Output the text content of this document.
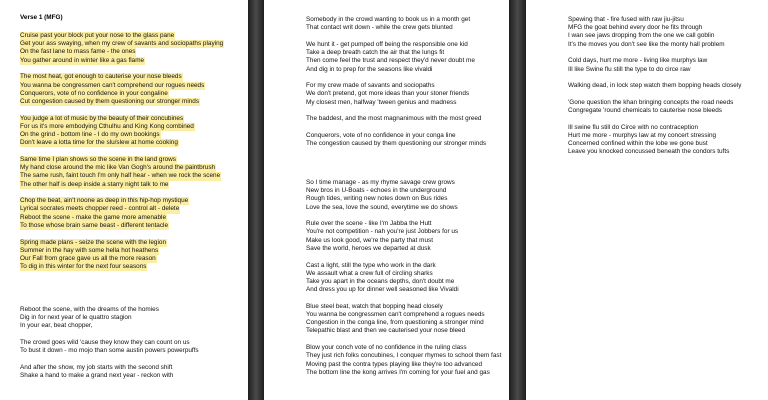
Verse 1 (MFG)
Cruise past your block put your nose to the glass pane
Get your ass swaying, when my crew of savants and sociopaths playing
On the fast lane to mass fame - the ones
You gather around in winter like a gas flame
The most heat, got enough to cauterise your nose bleeds
You wanna be congressmen can't comprehend our rogues needs
Conquerors, vote of no confidence in your congaline
Cut congestion caused by them questioning our stronger minds
You judge a lot of music by the beauty of their concubines
For us it's more embodying Cthulhu and King Kong combined
On the grind - bottom line - I do my own bookings
Don't leave a lotta time for the slu/slew at home cooking
Same time I plan shows so the scene in the land grows
My hand close around the mic like Van Gogh's around the paintbrush
The same rush, faint touch I'm only half hear - when we rock the scene
The other half is deep inside a starry night talk to me
Chop the beat, ain't noone as deep in this hip-hop mystique
Lyrical socrates meets chopper reed - control alt - delete
Reboot the scene - make the game more amenable
To those whose brain same beast - different tentacle
Spring made plans - seize the scene with the legion
Summer in the hay with some hella hot heathens
Our Fall from grace gave us all the more reason
To dig in this winter for the next four seasons
Reboot the scene, with the dreams of the homies
Dig in for next year of le quattro stagion
In your ear, beat chopper,
The crowd goes wild 'cause they know they can count on us
To bust it down - mo mojo than some austin powers powerpuffs
And after the show, my job starts with the second shift
Shake a hand to make a grand next year - reckon with
Somebody in the crowd wanting to book us in a month get
That contact writ down - while the crew gets blunted
We hunt it - get pumped off being the responsible one kid
Take a deep breath catch the air that the lungs fit
Then come feel the trust and respect they'd never doubt me
And dig in to prep for the seasons like vivaldi
For my crew made of savants and sociopaths
We don't pretend, got more ideas than your stoner friends
My closest men, halfway 'tween genius and madness
The baddest, and the most magnanimous with the most greed
Conquerors, vote of no confidence in your conga line
The congestion caused by them questioning our stronger minds
So I time manage - as my rhyme savage crew grows
New bros in U-Boats - echoes in the underground
Rough tides, writing new notes down on Bus rides
Love the sea, love the sound, everytime we do shows
Rule over the scene - like I'm Jabba the Hutt
You're not competition - nah you're just Jobbers for us
Make us look good, we're the party that must
Save the world, heroes we departed at dusk
Cast a light, still the type who work in the dark
We assault what a crew full of circling sharks
Take you apart in the oceans depths, don't doubt me
And dress you up for dinner well seasoned like Vivaldi
Blue steel beat, watch that bopping head closely
You wanna be congressmen can't comprehend a rogues needs
Congestion in the conga line, from questioning a stronger mind
Telepathic blast and then we cauterised your nose bleed
Blow your conch vote of no confidence in the ruling class
They just rich folks concubines, I conquer rhymes to school them fast
Moving past the contra types playing like they're too advanced
The bottom line the kong arrives I'm coming for your fuel and gas
Spewing that - fire fused with raw jiu-jitsu
MFG the goat behind every door he fits through
I wan see jaws dropping from the one we call goblin
It's the moves you don't see like the monty hall problem
Cold days, hurt me more - living like murphys law
Ill like Swine flu still the type to do circe raw
Walking dead, in lock step watch them bopping heads closely
'Gone question the khan bringing concepts the road needs
Congregate 'round chemicals to cauterise nose bleeds
Ill swine flu still do Circe with no contraception
Hurt me more - murphys law at my concert stressing
Concerned confined within the lobe we gone bust
Leave you knocked concussed beneath the condors tufts
